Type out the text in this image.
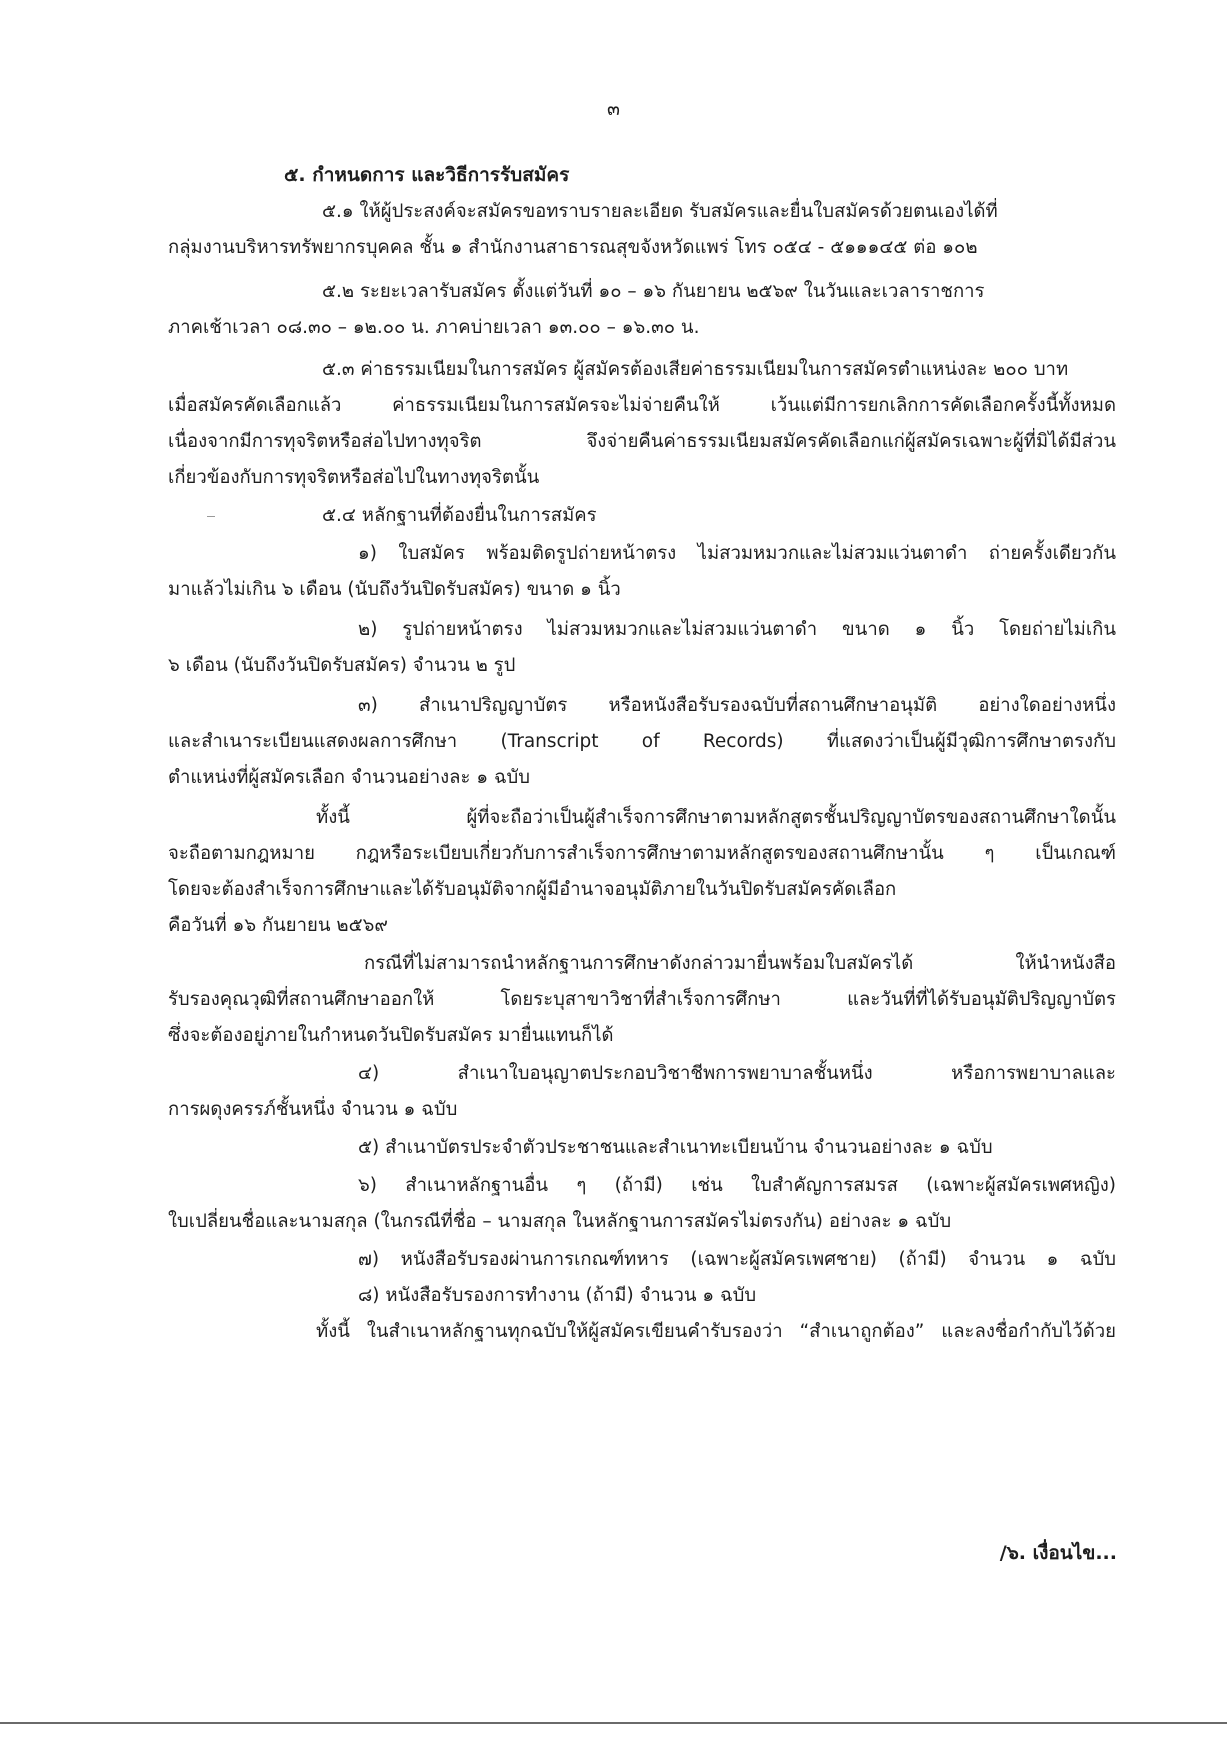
๓
๕. กำหนดการ และวิธีการรับสมัคร
๕.๑ ให้ผู้ประสงค์จะสมัครขอทราบรายละเอียด รับสมัครและยื่นใบสมัครด้วยตนเองได้ที่
กลุ่มงานบริหารทรัพยากรบุคคล ชั้น ๑ สำนักงานสาธารณสุขจังหวัดแพร่ โทร ๐๕๔ - ๕๑๑๑๔๕ ต่อ ๑๐๒
๕.๒ ระยะเวลารับสมัคร ตั้งแต่วันที่ ๑๐ – ๑๖ กันยายน ๒๕๖๙ ในวันและเวลาราชการ
ภาคเช้าเวลา ๐๘.๓๐ – ๑๒.๐๐ น. ภาคบ่ายเวลา ๑๓.๐๐ – ๑๖.๓๐ น.
๕.๓ ค่าธรรมเนียมในการสมัคร ผู้สมัครต้องเสียค่าธรรมเนียมในการสมัครตำแหน่งละ ๒๐๐ บาท
เมื่อสมัครคัดเลือกแล้ว ค่าธรรมเนียมในการสมัครจะไม่จ่ายคืนให้ เว้นแต่มีการยกเลิกการคัดเลือกครั้งนี้ทั้งหมด
เนื่องจากมีการทุจริตหรือส่อไปทางทุจริต จึงจ่ายคืนค่าธรรมเนียมสมัครคัดเลือกแก่ผู้สมัครเฉพาะผู้ที่มิได้มีส่วน
เกี่ยวข้องกับการทุจริตหรือส่อไปในทางทุจริตนั้น
๕.๔ หลักฐานที่ต้องยื่นในการสมัคร
๑) ใบสมัคร พร้อมติดรูปถ่ายหน้าตรง ไม่สวมหมวกและไม่สวมแว่นตาดำ ถ่ายครั้งเดียวกัน
มาแล้วไม่เกิน ๖ เดือน (นับถึงวันปิดรับสมัคร) ขนาด ๑ นิ้ว
๒) รูปถ่ายหน้าตรง ไม่สวมหมวกและไม่สวมแว่นตาดำ ขนาด ๑ นิ้ว โดยถ่ายไม่เกิน
๖ เดือน (นับถึงวันปิดรับสมัคร) จำนวน ๒ รูป
๓) สำเนาปริญญาบัตร หรือหนังสือรับรองฉบับที่สถานศึกษาอนุมัติ อย่างใดอย่างหนึ่ง
และสำเนาระเบียนแสดงผลการศึกษา (Transcript of Records) ที่แสดงว่าเป็นผู้มีวุฒิการศึกษาตรงกับ
ตำแหน่งที่ผู้สมัครเลือก จำนวนอย่างละ ๑ ฉบับ
ทั้งนี้ ผู้ที่จะถือว่าเป็นผู้สำเร็จการศึกษาตามหลักสูตรชั้นปริญญาบัตรของสถานศึกษาใดนั้น
จะถือตามกฎหมาย กฎหรือระเบียบเกี่ยวกับการสำเร็จการศึกษาตามหลักสูตรของสถานศึกษานั้น ๆ เป็นเกณฑ์
โดยจะต้องสำเร็จการศึกษาและได้รับอนุมัติจากผู้มีอำนาจอนุมัติภายในวันปิดรับสมัครคัดเลือก
คือวันที่ ๑๖ กันยายน ๒๕๖๙
กรณีที่ไม่สามารถนำหลักฐานการศึกษาดังกล่าวมายื่นพร้อมใบสมัครได้ ให้นำหนังสือ
รับรองคุณวุฒิที่สถานศึกษาออกให้ โดยระบุสาขาวิชาที่สำเร็จการศึกษา และวันที่ที่ได้รับอนุมัติปริญญาบัตร
ซึ่งจะต้องอยู่ภายในกำหนดวันปิดรับสมัคร มายื่นแทนก็ได้
๔) สำเนาใบอนุญาตประกอบวิชาชีพการพยาบาลชั้นหนึ่ง หรือการพยาบาลและ
การผดุงครรภ์ชั้นหนึ่ง จำนวน ๑ ฉบับ
๕) สำเนาบัตรประจำตัวประชาชนและสำเนาทะเบียนบ้าน จำนวนอย่างละ ๑ ฉบับ
๖) สำเนาหลักฐานอื่น ๆ (ถ้ามี) เช่น ใบสำคัญการสมรส (เฉพาะผู้สมัครเพศหญิง)
ใบเปลี่ยนชื่อและนามสกุล (ในกรณีที่ชื่อ – นามสกุล ในหลักฐานการสมัครไม่ตรงกัน) อย่างละ ๑ ฉบับ
๗) หนังสือรับรองผ่านการเกณฑ์ทหาร (เฉพาะผู้สมัครเพศชาย) (ถ้ามี) จำนวน ๑ ฉบับ
๘) หนังสือรับรองการทำงาน (ถ้ามี) จำนวน ๑ ฉบับ
ทั้งนี้ ในสำเนาหลักฐานทุกฉบับให้ผู้สมัครเขียนคำรับรองว่า “สำเนาถูกต้อง” และลงชื่อกำกับไว้ด้วย
/๖. เงื่อนไข...
